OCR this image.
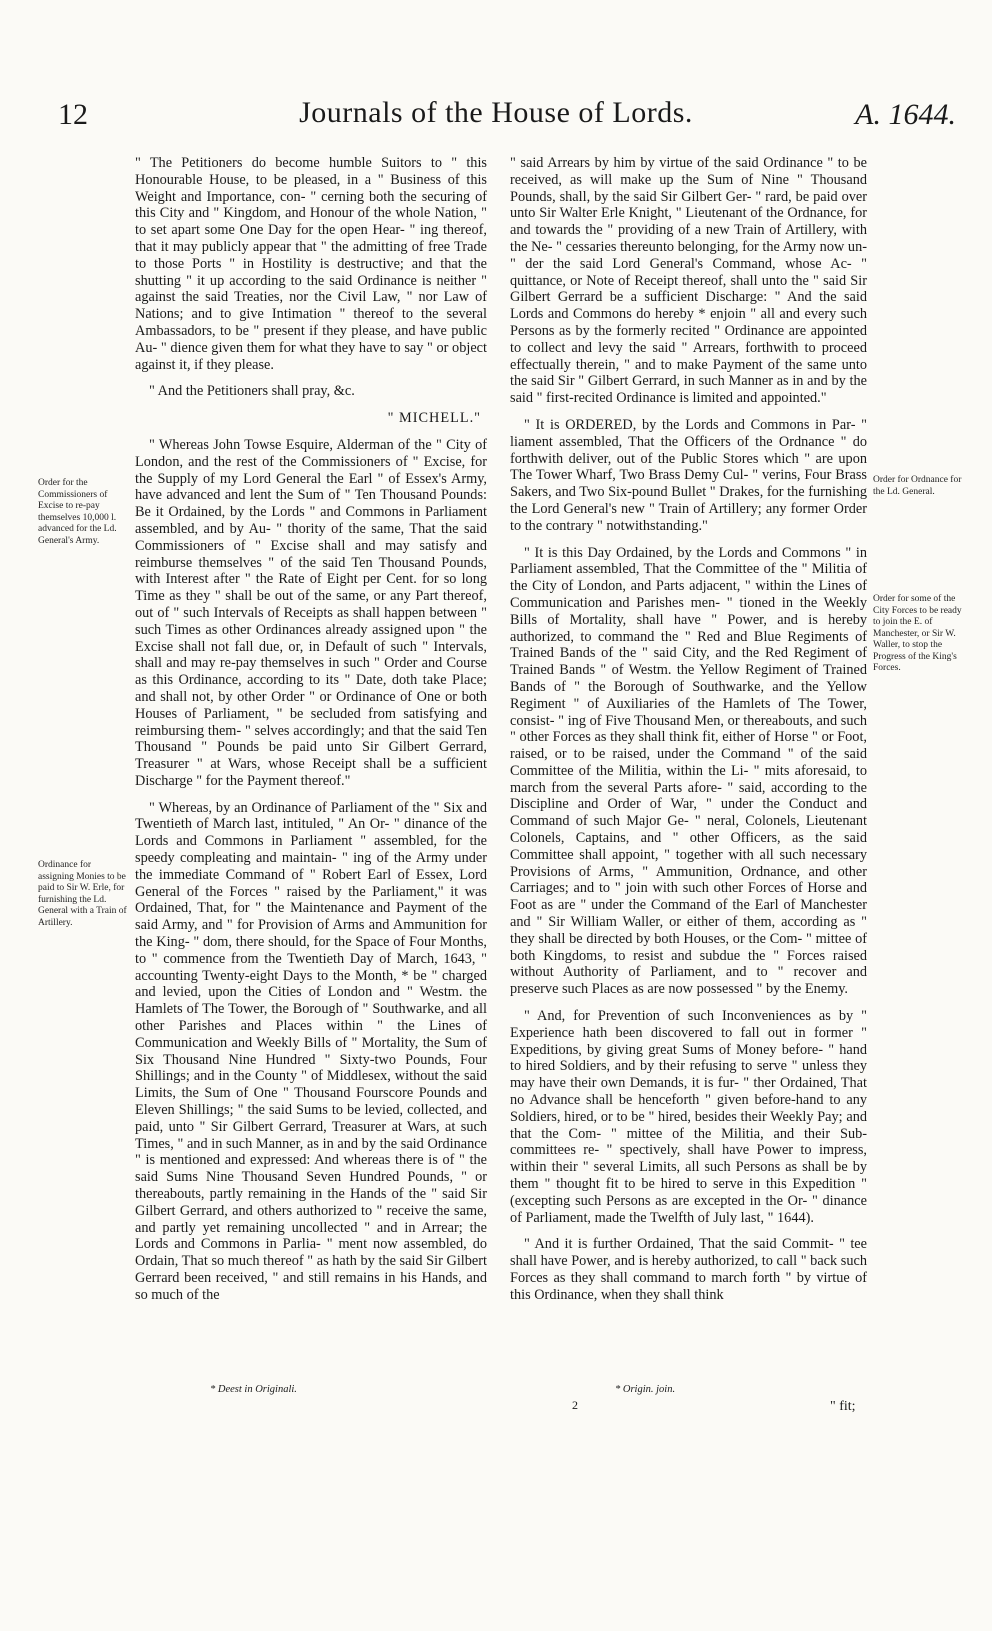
12	Journals of the House of Lords.	A. 1644.
Order for the Commissioners of Excise to re-pay themselves 10,000 l. advanced for the Ld. General's Army.
Ordinance for assigning Monies to be paid to Sir W. Erle, for furnishing the Ld. General with a Train of Artillery.
Order for Ordnance for the Ld. General.
Order for some of the City Forces to be ready to join the E. of Manchester, or Sir W. Waller, to stop the Progress of the King's Forces.

" The Petitioners do become humble Suitors to " this Honourable House, to be pleased, in a " Business of this Weight and Importance, con- " cerning both the securing of this City and " Kingdom, and Honour of the whole Nation, " to set apart some One Day for the open Hear- " ing thereof, that it may publicly appear that " the admitting of free Trade to those Ports " in Hostility is destructive; and that the shutting " it up according to the said Ordinance is neither " against the said Treaties, nor the Civil Law, " nor Law of Nations; and to give Intimation " thereof to the several Ambassadors, to be " present if they please, and have public Au- " dience given them for what they have to say " or object against it, if they please.

" And the Petitioners shall pray, &c.

" MICHELL."

" Whereas John Towse Esquire, Alderman of the " City of London, and the rest of the Commissioners of " Excise, for the Supply of my Lord General the Earl " of Essex's Army, have advanced and lent the Sum of " Ten Thousand Pounds: Be it Ordained, by the Lords " and Commons in Parliament assembled, and by Au- " thority of the same, That the said Commissioners of " Excise shall and may satisfy and reimburse themselves " of the said Ten Thousand Pounds, with Interest after " the Rate of Eight per Cent. for so long Time as they " shall be out of the same, or any Part thereof, out of " such Intervals of Receipts as shall happen between " such Times as other Ordinances already assigned upon " the Excise shall not fall due, or, in Default of such " Intervals, shall and may re-pay themselves in such " Order and Course as this Ordinance, according to its " Date, doth take Place; and shall not, by other Order " or Ordinance of One or both Houses of Parliament, " be secluded from satisfying and reimbursing them- " selves accordingly; and that the said Ten Thousand " Pounds be paid unto Sir Gilbert Gerrard, Treasurer " at Wars, whose Receipt shall be a sufficient Discharge " for the Payment thereof."

" Whereas, by an Ordinance of Parliament of the " Six and Twentieth of March last, intituled, " An Or- " dinance of the Lords and Commons in Parliament " assembled, for the speedy compleating and maintain- " ing of the Army under the immediate Command of " Robert Earl of Essex, Lord General of the Forces " raised by the Parliament," it was Ordained, That, for " the Maintenance and Payment of the said Army, and " for Provision of Arms and Ammunition for the King- " dom, there should, for the Space of Four Months, to " commence from the Twentieth Day of March, 1643, " accounting Twenty-eight Days to the Month, * be " charged and levied, upon the Cities of London and " Westm. the Hamlets of The Tower, the Borough of " Southwarke, and all other Parishes and Places within " the Lines of Communication and Weekly Bills of " Mortality, the Sum of Six Thousand Nine Hundred " Sixty-two Pounds, Four Shillings; and in the County " of Middlesex, without the said Limits, the Sum of One " Thousand Fourscore Pounds and Eleven Shillings; " the said Sums to be levied, collected, and paid, unto " Sir Gilbert Gerrard, Treasurer at Wars, at such Times, " and in such Manner, as in and by the said Ordinance " is mentioned and expressed: And whereas there is of " the said Sums Nine Thousand Seven Hundred Pounds, " or thereabouts, partly remaining in the Hands of the " said Sir Gilbert Gerrard, and others authorized to " receive the same, and partly yet remaining uncollected " and in Arrear; the Lords and Commons in Parlia- " ment now assembled, do Ordain, That so much thereof " as hath by the said Sir Gilbert Gerrard been received, " and still remains in his Hands, and so much of the

" said Arrears by him by virtue of the said Ordinance " to be received, as will make up the Sum of Nine " Thousand Pounds, shall, by the said Sir Gilbert Ger- " rard, be paid over unto Sir Walter Erle Knight, " Lieutenant of the Ordnance, for and towards the " providing of a new Train of Artillery, with the Ne- " cessaries thereunto belonging, for the Army now un- " der the said Lord General's Command, whose Ac- " quittance, or Note of Receipt thereof, shall unto the " said Sir Gilbert Gerrard be a sufficient Discharge: " And the said Lords and Commons do hereby * enjoin " all and every such Persons as by the formerly recited " Ordinance are appointed to collect and levy the said " Arrears, forthwith to proceed effectually therein, " and to make Payment of the same unto the said Sir " Gilbert Gerrard, in such Manner as in and by the said " first-recited Ordinance is limited and appointed."

" It is ORDERED, by the Lords and Commons in Par- " liament assembled, That the Officers of the Ordnance " do forthwith deliver, out of the Public Stores which " are upon The Tower Wharf, Two Brass Demy Cul- " verins, Four Brass Sakers, and Two Six-pound Bullet " Drakes, for the furnishing the Lord General's new " Train of Artillery; any former Order to the contrary " notwithstanding."

" It is this Day Ordained, by the Lords and Commons " in Parliament assembled, That the Committee of the " Militia of the City of London, and Parts adjacent, " within the Lines of Communication and Parishes men- " tioned in the Weekly Bills of Mortality, shall have " Power, and is hereby authorized, to command the " Red and Blue Regiments of Trained Bands of the " said City, and the Red Regiment of Trained Bands " of Westm. the Yellow Regiment of Trained Bands of " the Borough of Southwarke, and the Yellow Regiment " of Auxiliaries of the Hamlets of The Tower, consist- " ing of Five Thousand Men, or thereabouts, and such " other Forces as they shall think fit, either of Horse " or Foot, raised, or to be raised, under the Command " of the said Committee of the Militia, within the Li- " mits aforesaid, to march from the several Parts afore- " said, according to the Discipline and Order of War, " under the Conduct and Command of such Major Ge- " neral, Colonels, Lieutenant Colonels, Captains, and " other Officers, as the said Committee shall appoint, " together with all such necessary Provisions of Arms, " Ammunition, Ordnance, and other Carriages; and to " join with such other Forces of Horse and Foot as are " under the Command of the Earl of Manchester and " Sir William Waller, or either of them, according as " they shall be directed by both Houses, or the Com- " mittee of both Kingdoms, to resist and subdue the " Forces raised without Authority of Parliament, and to " recover and preserve such Places as are now possessed " by the Enemy.

" And, for Prevention of such Inconveniences as by " Experience hath been discovered to fall out in former " Expeditions, by giving great Sums of Money before- " hand to hired Soldiers, and by their refusing to serve " unless they may have their own Demands, it is fur- " ther Ordained, That no Advance shall be henceforth " given before-hand to any Soldiers, hired, or to be " hired, besides their Weekly Pay; and that the Com- " mittee of the Militia, and their Sub-committees re- " spectively, shall have Power to impress, within their " several Limits, all such Persons as shall be by them " thought fit to be hired to serve in this Expedition " (excepting such Persons as are excepted in the Or- " dinance of Parliament, made the Twelfth of July last, " 1644).

" And it is further Ordained, That the said Commit- " tee shall have Power, and is hereby authorized, to call " back such Forces as they shall command to march forth " by virtue of this Ordinance, when they shall think

* Deest in Originali.	* Origin. join.
2	" fit;
